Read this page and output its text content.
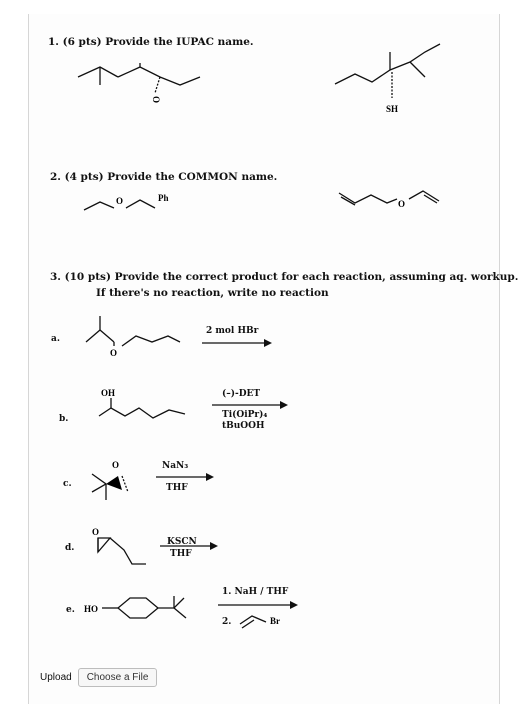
1. (6 pts) Provide the IUPAC name.
O
SH
2. (4 pts) Provide the COMMON name.
O	Ph
O
3. (10 pts) Provide the correct product for each reaction, assuming aq. workup.
If there's no reaction, write no reaction
a.
O
2 mol HBr
b.
OH	(–)-DET
Ti(OiPr)₄
tBuOOH
c.
O	NaN₃
THF
d.
O
KSCN
THF
e. HO
1. NaH / THF
2.	Br
Upload	Choose a File
